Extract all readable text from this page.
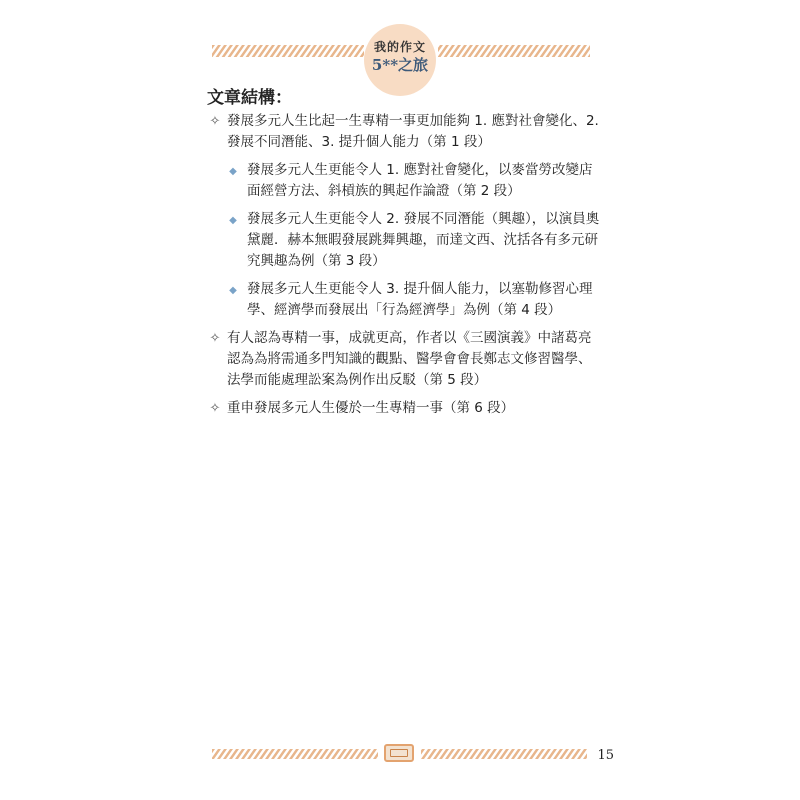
我的作文
5**之旅
文章結構：
✧ 發展多元人生比起一生專精一事更加能夠 1. 應對社會變化、2. 發展不同潛能、3. 提升個人能力（第 1 段）
◆ 發展多元人生更能令人 1. 應對社會變化，以麥當勞改變店面經營方法、斜槓族的興起作論證（第 2 段）
◆ 發展多元人生更能令人 2. 發展不同潛能（興趣），以演員奧黛麗．赫本無暇發展跳舞興趣，而達文西、沈括各有多元研究興趣為例（第 3 段）
◆ 發展多元人生更能令人 3. 提升個人能力，以塞勒修習心理學、經濟學而發展出「行為經濟學」為例（第 4 段）
✧ 有人認為專精一事，成就更高，作者以《三國演義》中諸葛亮認為為將需通多門知識的觀點、醫學會會長鄭志文修習醫學、法學而能處理訟案為例作出反駁（第 5 段）
✧ 重申發展多元人生優於一生專精一事（第 6 段）
15
